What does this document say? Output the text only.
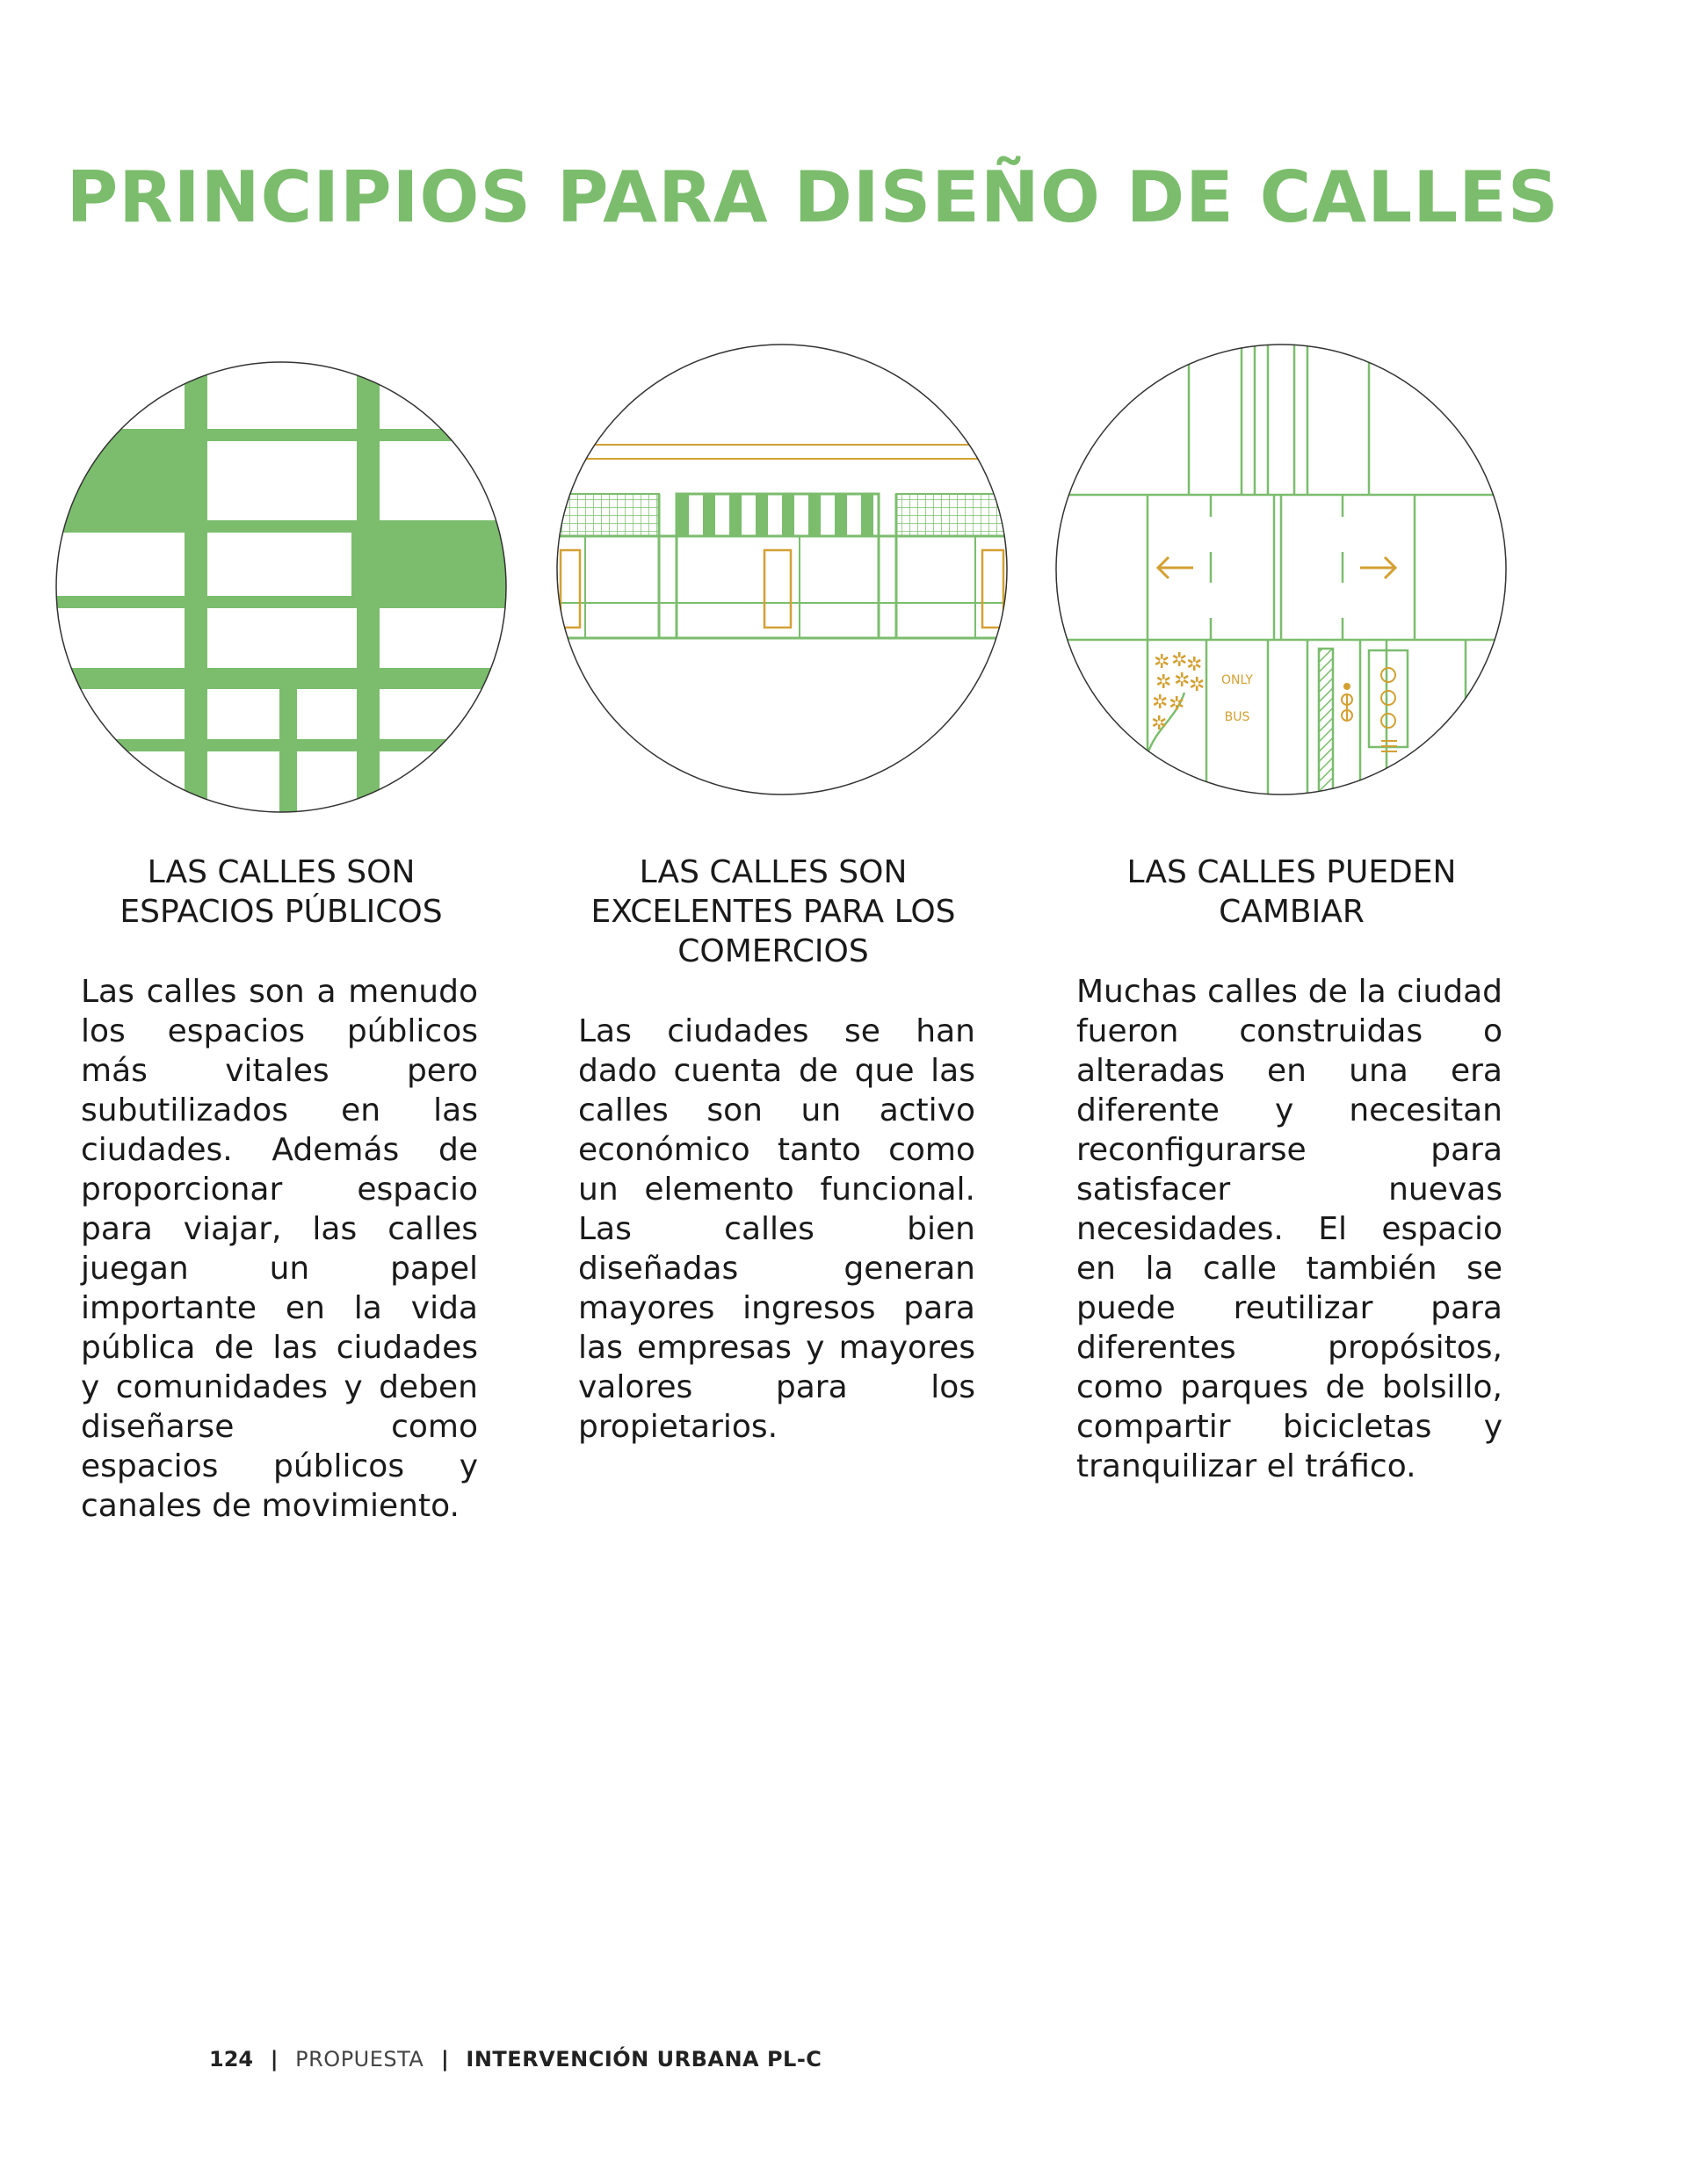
PRINCIPIOS PARA DISEÑO DE CALLES
✲ ✲
✲
✲ ✲
✲
✲ ✲
✲
ONLY
BUS
LAS CALLES SON ESPACIOS PÚBLICOS

Las calles son a menudo los espacios públicos más vitales pero subutilizados en las ciudades. Además de proporcionar espacio para viajar, las calles juegan un papel importante en la vida pública de las ciudades y comunidades y deben diseñarse como espacios públicos y canales de movimiento.

LAS CALLES SON EXCELENTES PARA LOS COMERCIOS

Las ciudades se han dado cuenta de que las calles son un activo económico tanto como un elemento funcional. Las calles bien diseñadas generan mayores ingresos para las empresas y mayores valores para los propietarios.

LAS CALLES PUEDEN CAMBIAR

Muchas calles de la ciudad fueron construidas o alteradas en una era diferente y necesitan reconfigurarse para satisfacer nuevas necesidades. El espacio en la calle también se puede reutilizar para diferentes propósitos, como parques de bolsillo, compartir bicicletas y tranquilizar el tráfico.

124 | PROPUESTA | INTERVENCIÓN URBANA PL-C
